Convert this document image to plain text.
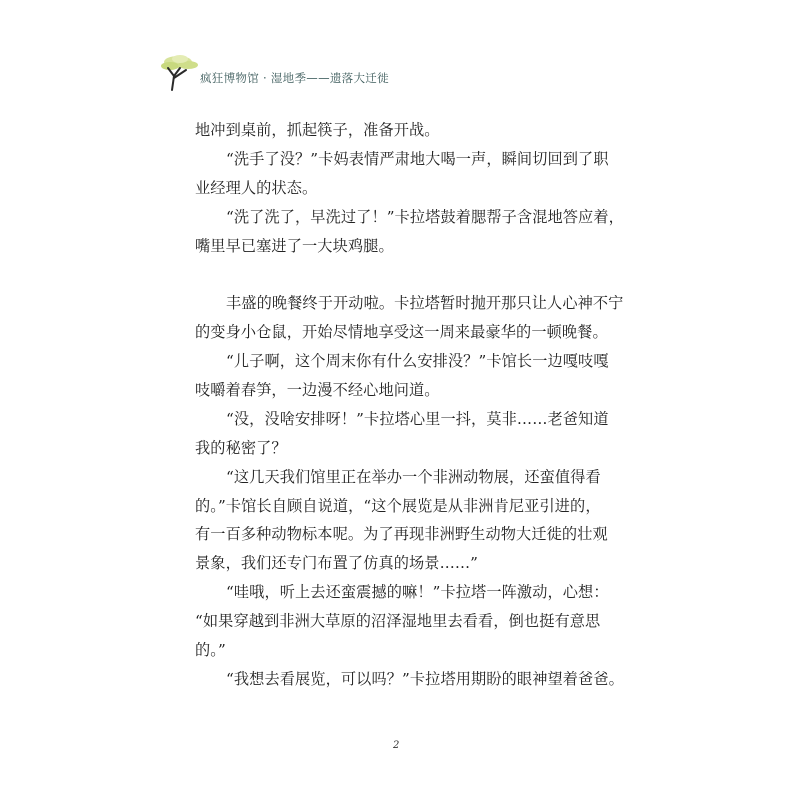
疯狂博物馆 · 湿地季——遗落大迁徙
地冲到桌前，抓起筷子，准备开战。
“洗手了没？”卡妈表情严肃地大喝一声，瞬间切回到了职
业经理人的状态。
“洗了洗了，早洗过了！”卡拉塔鼓着腮帮子含混地答应着，
嘴里早已塞进了一大块鸡腿。
丰盛的晚餐终于开动啦。卡拉塔暂时抛开那只让人心神不宁
的变身小仓鼠，开始尽情地享受这一周来最豪华的一顿晚餐。
“儿子啊，这个周末你有什么安排没？”卡馆长一边嘎吱嘎
吱嚼着春笋，一边漫不经心地问道。
“没，没啥安排呀！”卡拉塔心里一抖，莫非……老爸知道
我的秘密了？
“这几天我们馆里正在举办一个非洲动物展，还蛮值得看
的。”卡馆长自顾自说道，“这个展览是从非洲肯尼亚引进的，
有一百多种动物标本呢。为了再现非洲野生动物大迁徙的壮观
景象，我们还专门布置了仿真的场景……”
“哇哦，听上去还蛮震撼的嘛！”卡拉塔一阵激动，心想：
“如果穿越到非洲大草原的沼泽湿地里去看看，倒也挺有意思
的。”
“我想去看展览，可以吗？”卡拉塔用期盼的眼神望着爸爸。
2
